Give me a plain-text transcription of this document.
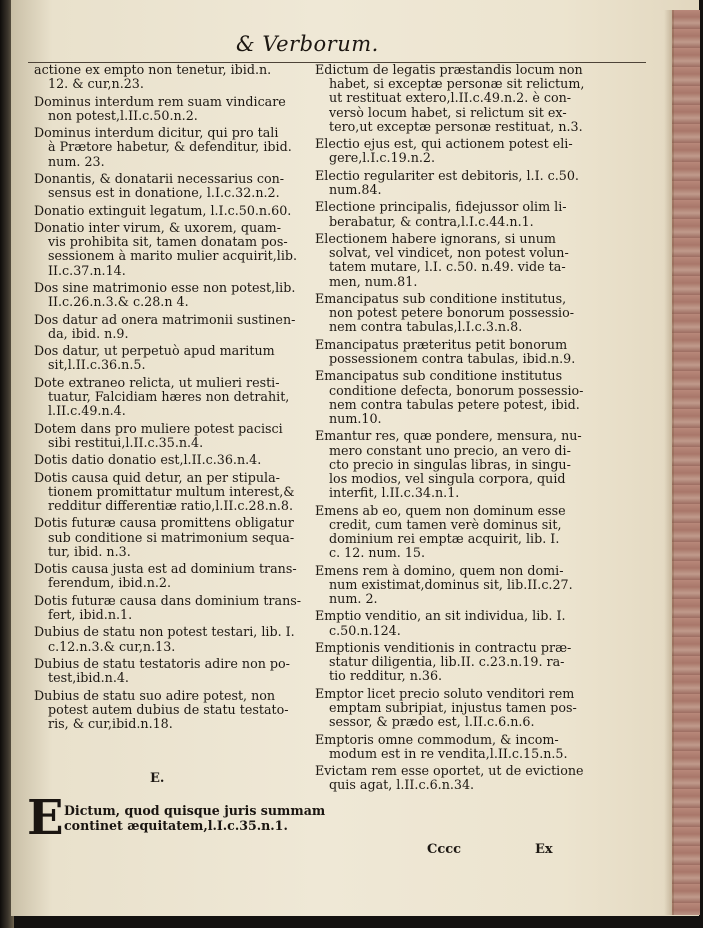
& Verborum.
actione ex empto non tenetur, ibid.n.
12. & cur,n.23.
Dominus interdum rem suam vindicare
non potest,l.II.c.50.n.2.
Dominus interdum dicitur, qui pro tali
à Prætore habetur, & defenditur, ibid.
num. 23.
Donantis, & donatarii necessarius con-
sensus est in donatione, l.I.c.32.n.2.
Donatio extinguit legatum, l.I.c.50.n.60.
Donatio inter virum, & uxorem, quam-
vis prohibita sit, tamen donatam pos-
sessionem à marito mulier acquirit,lib.
II.c.37.n.14.
Dos sine matrimonio esse non potest,lib.
II.c.26.n.3.& c.28.n 4.
Dos datur ad onera matrimonii sustinen-
da, ibid. n.9.
Dos datur, ut perpetuò apud maritum
sit,l.II.c.36.n.5.
Dote extraneo relicta, ut mulieri resti-
tuatur, Falcidiam hæres non detrahit,
l.II.c.49.n.4.
Dotem dans pro muliere potest pacisci
sibi restitui,l.II.c.35.n.4.
Dotis datio donatio est,l.II.c.36.n.4.
Dotis causa quid detur, an per stipula-
tionem promittatur multum interest,&
redditur differentiæ ratio,l.II.c.28.n.8.
Dotis futuræ causa promittens obligatur
sub conditione si matrimonium sequa-
tur, ibid. n.3.
Dotis causa justa est ad dominium trans-
ferendum, ibid.n.2.
Dotis futuræ causa dans dominium trans-
fert, ibid.n.1.
Dubius de statu non potest testari, lib. I.
c.12.n.3.& cur,n.13.
Dubius de statu testatoris adire non po-
test,ibid.n.4.
Dubius de statu suo adire potest, non
potest autem dubius de statu testato-
ris, & cur,ibid.n.18.
Edictum de legatis præstandis locum non
habet, si exceptæ personæ sit relictum,
ut restituat extero,l.II.c.49.n.2. è con-
versò locum habet, si relictum sit ex-
tero,ut exceptæ personæ restituat, n.3.
Electio ejus est, qui actionem potest eli-
gere,l.I.c.19.n.2.
Electio regulariter est debitoris, l.I. c.50.
num.84.
Electione principalis, fidejussor olim li-
berabatur, & contra,l.I.c.44.n.1.
Electionem habere ignorans, si unum
solvat, vel vindicet, non potest volun-
tatem mutare, l.I. c.50. n.49. vide ta-
men, num.81.
Emancipatus sub conditione institutus,
non potest petere bonorum possessio-
nem contra tabulas,l.I.c.3.n.8.
Emancipatus præteritus petit bonorum
possessionem contra tabulas, ibid.n.9.
Emancipatus sub conditione institutus
conditione defecta, bonorum possessio-
nem contra tabulas petere potest, ibid.
num.10.
Emantur res, quæ pondere, mensura, nu-
mero constant uno precio, an vero di-
cto precio in singulas libras, in singu-
los modios, vel singula corpora, quid
interfit, l.II.c.34.n.1.
Emens ab eo, quem non dominum esse
credit, cum tamen verè dominus sit,
dominium rei emptæ acquirit, lib. I.
c. 12. num. 15.
Emens rem à domino, quem non domi-
num existimat,dominus sit, lib.II.c.27.
num. 2.
Emptio venditio, an sit individua, lib. I.
c.50.n.124.
Emptionis venditionis in contractu præ-
statur diligentia, lib.II. c.23.n.19. ra-
tio redditur, n.36.
Emptor licet precio soluto venditori rem
emptam subripiat, injustus tamen pos-
sessor, & prædo est, l.II.c.6.n.6.
Emptoris omne commodum, & incom-
modum est in re vendita,l.II.c.15.n.5.
Evictam rem esse oportet, ut de evictione
quis agat, l.II.c.6.n.34.
E.
E Dictum, quod quisque juris summam
continet æquitatem,l.I.c.35.n.1.
Cccc	Ex
